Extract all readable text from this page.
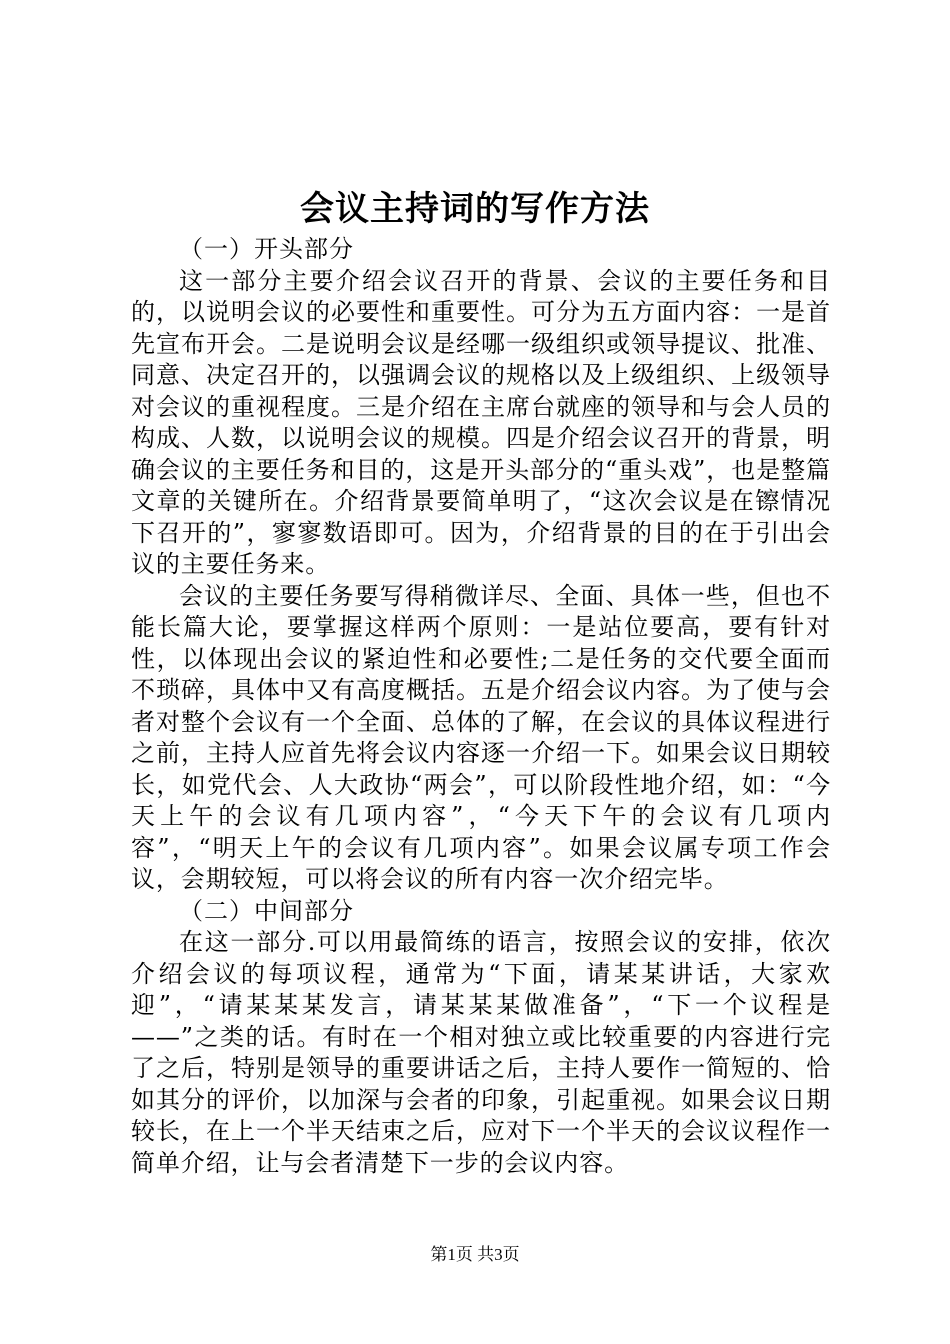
会议主持词的写作方法

（一）开头部分

这一部分主要介绍会议召开的背景、会议的主要任务和目的，以说明会议的必要性和重要性。可分为五方面内容：一是首先宣布开会。二是说明会议是经哪一级组织或领导提议、批准、同意、决定召开的，以强调会议的规格以及上级组织、上级领导对会议的重视程度。三是介绍在主席台就座的领导和与会人员的构成、人数，以说明会议的规模。四是介绍会议召开的背景，明确会议的主要任务和目的，这是开头部分的“重头戏”，也是整篇文章的关键所在。介绍背景要简单明了，“这次会议是在镲情况下召开的”，寥寥数语即可。因为，介绍背景的目的在于引出会议的主要任务来。

会议的主要任务要写得稍微详尽、全面、具体一些，但也不能长篇大论，要掌握这样两个原则：一是站位要高，要有针对性，以体现出会议的紧迫性和必要性;二是任务的交代要全面而不琐碎，具体中又有高度概括。五是介绍会议内容。为了使与会者对整个会议有一个全面、总体的了解，在会议的具体议程进行之前，主持人应首先将会议内容逐一介绍一下。如果会议日期较长，如党代会、人大政协“两会”，可以阶段性地介绍，如：“今天上午的会议有几项内容”，“今天下午的会议有几项内容”，“明天上午的会议有几项内容”。如果会议属专项工作会议，会期较短，可以将会议的所有内容一次介绍完毕。

（二）中间部分

在这一部分.可以用最简练的语言，按照会议的安排，依次介绍会议的每项议程，通常为“下面，请某某讲话，大家欢迎”，“请某某某发言，请某某某做准备”，“下一个议程是——”之类的话。有时在一个相对独立或比较重要的内容进行完了之后，特别是领导的重要讲话之后，主持人要作一简短的、恰如其分的评价，以加深与会者的印象，引起重视。如果会议日期较长，在上一个半天结束之后，应对下一个半天的会议议程作一简单介绍，让与会者清楚下一步的会议内容。

第1页 共3页
